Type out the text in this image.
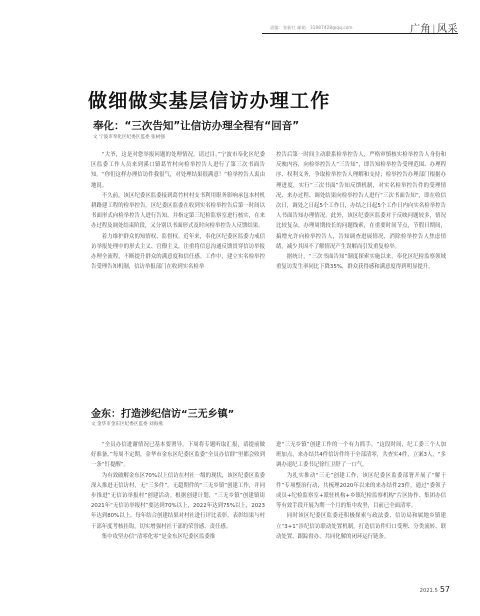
责编：张新红 邮箱：31987428@qq.com	广角|风采
做细做实基层信访办理工作
奉化：“三次告知”让信访办理全程有“回音”
文 宁波市奉化区纪委区监委 张树强

“大爷，这是对您举报问题的处理情况，请过目。”宁波市奉化区纪委区监委工作人员来到溪口镇葛竹村向检举控告人进行了第三次书面告知。“你们这样办理信访件我很气，对处理结果很满意！”检举控告人衷由地说。

不久前，该区纪委区监委接到葛竹村村支书利用职务影响承包本村机耕路建工程的检举控告。区纪委区监委在收到实名检举控告后第一时间以书面形式向检举控告人进行告知，并指定第三纪检监察室进行核实，在来办过程及调处结束阶段，又分别以书面形式及时向检举控告人反馈结果。

着力维护群众的知情权、监督权。近年来，奉化区纪委区监委力戒信访举报处理中的形式主义、官僚主义，注重将信息沟通反馈贯穿信访举报办理全流程，不断提升群众的满意度和信任感。工作中，建立实名检举控告受理告知机制，信访举报部门在收到实名检举

控告后第一时间主动联系检举控告人，严格审慎核实检举控告人身份和反映内容，向检举控告人“三告知”，即告知检举控告受理范围、办理程序、权利义务，争取检举控告人理解和支持；检举控告办理部门根据办理进度，实行“三次书面”告知反馈机制，对实名检举控告件的受理情况、来办过程、调处结果向检举控告人进行“三次书面告知”，即在收信次日，调处之日起5个工作日，办结之日起5个工作日内向实名检举控告人书面告知办理情况。此外，该区纪委区监委对于反映问题较多，情况比较复杂，办理周期较长的问题线索，在重要时间节点，节假日期间，搞增允许向检举控告人，告知调查进展情况，消除检举控告人焦虑情绪，减少其因不了解情况产生误解而引发重复检举。

据统计，“三次书面告知”制度探索实施以来，奉化区纪检监察领域重复访发生率同比下降35%，群众获得感和满意度得到明显提升。

金东：打造涉纪信访“三无乡镇”
文 金华市金东区纪委区监委 刘海燕

“全员办信进谢情况已基本要署导，下周将专题听取汇报，请提前做好准备。”每周不定期，金华市金东区纪委区监委“全员办信群”里都会收到一条“钉提醒”。

为有效破解金东区70%以上信访在村社一级的现状，该区纪委区监委深入推进无信访村，无“三多件”，无超期件的“三无乡镇”创建工作，并同步推进“无信访举报村”创建活动。根据创建计划，“三无乡镇”创建镇街2021年“无信访举报村”要达到70%以上，2022年达到75%以上，2023年达到80%以上。每年结合创建结果对村社进行评比表彰，表彰结果与村干部年度考核挂钩，切实增强村社干部的荣誉感、责任感。

集中攻坚办信“清零化零”是金东区纪委区监委推

进“三无乡镇”创建工作的一个有力抓手。“这段时间，纪工委三个人加班加点，来办结共4件信访件终于全部清零，共查实4件，立案3人，“多调办退纪工委书记徐红卫舒了一口气。

为扎实推动“三无”创建工作，该区纪委区监委部署开展了“解干件”专项整治行动，共梳理2020年以来的来办结件23件，通过“委领子成员+纪检监察室+派驻机构+乡镇纪检监察机构”片区协作、集团办信等有效手段开展为期一个月的集中攻坚，目前已全面清零。

同时该区纪委区监委还积极探索与政法委、信访局和属地乡镇建立“3+1”涉纪信访联动处置机制，打造信访件归口受理、分类流转、联动处置、跟踪督办、共同化解的闭环运行链条。

2021.5 57
